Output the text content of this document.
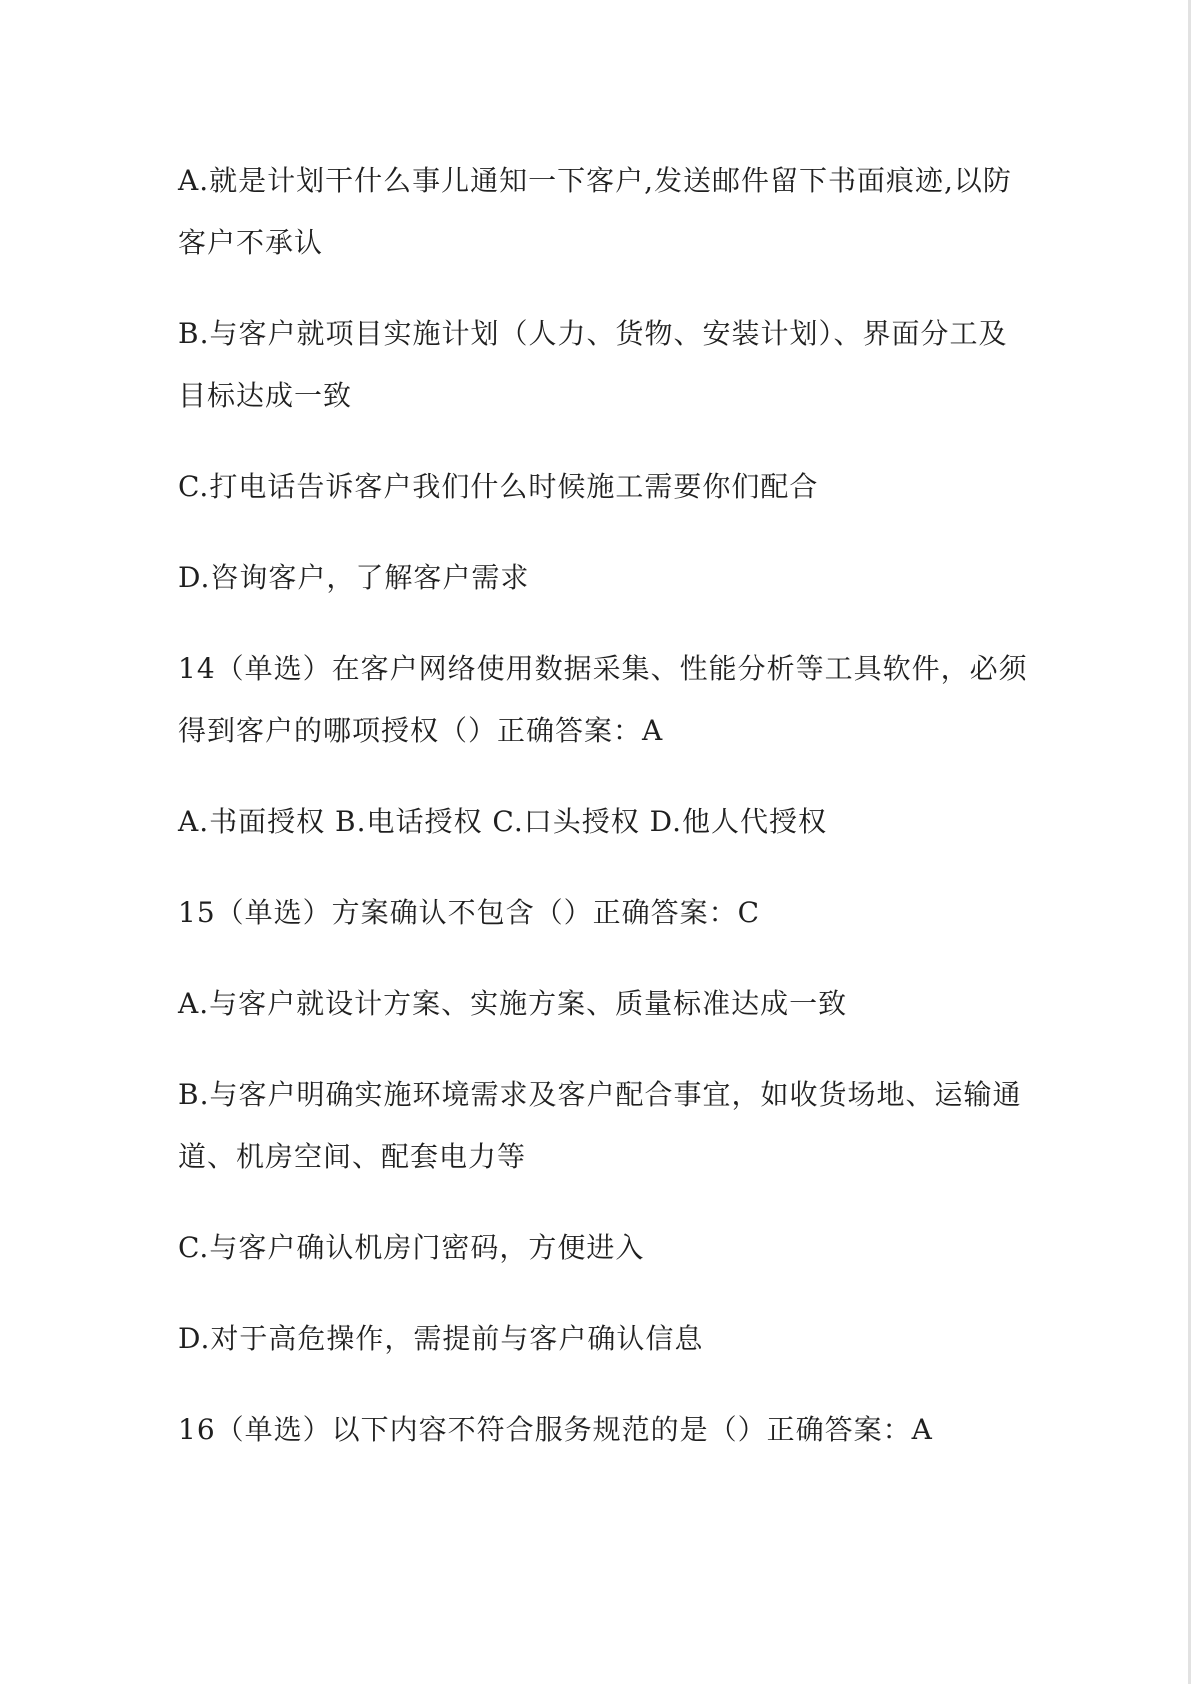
A.就是计划干什么事儿通知一下客户,发送邮件留下书面痕迹,以防客户不承认

B.与客户就项目实施计划（人力、货物、安装计划）、界面分工及目标达成一致

C.打电话告诉客户我们什么时候施工需要你们配合

D.咨询客户，了解客户需求

14（单选）在客户网络使用数据采集、性能分析等工具软件，必须得到客户的哪项授权（）正确答案：A

A.书面授权 B.电话授权 C.口头授权 D.他人代授权

15（单选）方案确认不包含（）正确答案：C

A.与客户就设计方案、实施方案、质量标准达成一致

B.与客户明确实施环境需求及客户配合事宜，如收货场地、运输通道、机房空间、配套电力等

C.与客户确认机房门密码，方便进入

D.对于高危操作，需提前与客户确认信息

16（单选）以下内容不符合服务规范的是（）正确答案：A
